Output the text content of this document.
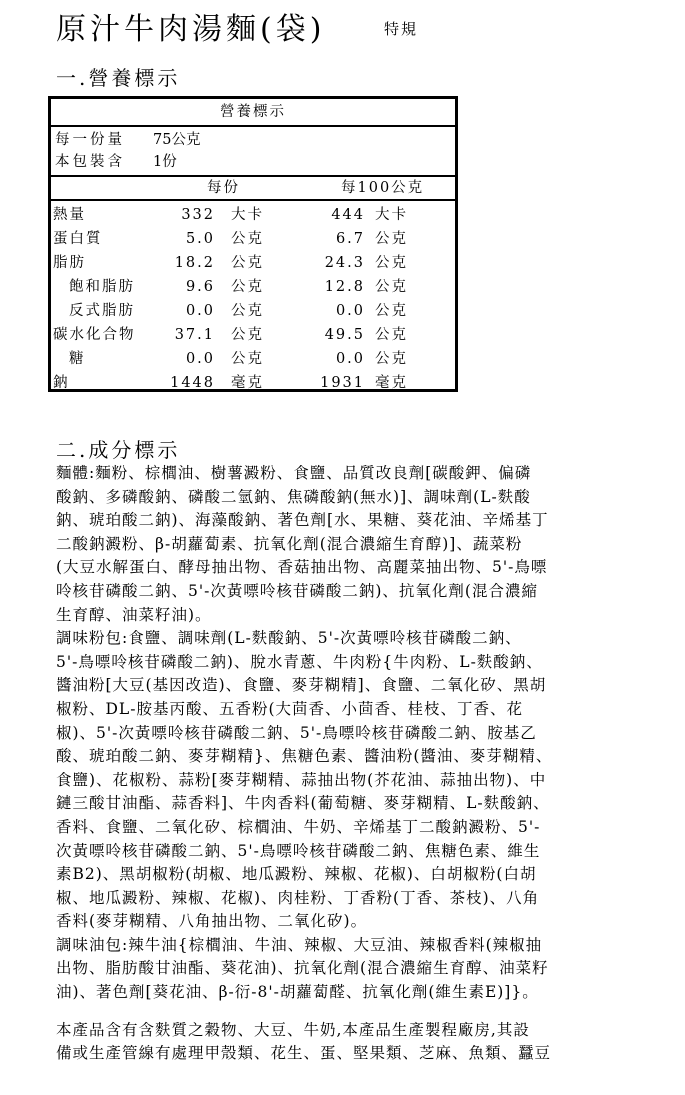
原汁牛肉湯麵(袋)	特規
一.營養標示
營養標示
每一份量 75公克
本包裝含 1份
每份	每100公克
熱量	332 大卡	444 大卡
蛋白質	5.0 公克	6.7 公克
脂肪	18.2 公克	24.3 公克
飽和脂肪	9.6 公克	12.8 公克
反式脂肪	0.0 公克	0.0 公克
碳水化合物	37.1 公克	49.5 公克
糖	0.0 公克	0.0 公克
鈉	1448 毫克	1931 毫克
二.成分標示

麵體:麵粉、棕櫚油、樹薯澱粉、食鹽、品質改良劑[碳酸鉀、偏磷

酸鈉、多磷酸鈉、磷酸二氫鈉、焦磷酸鈉(無水)]、調味劑(L-麩酸

鈉、琥珀酸二鈉)、海藻酸鈉、著色劑[水、果糖、葵花油、辛烯基丁

二酸鈉澱粉、β-胡蘿蔔素、抗氧化劑(混合濃縮生育醇)]、蔬菜粉

(大豆水解蛋白、酵母抽出物、香菇抽出物、高麗菜抽出物、5'-鳥嘌

呤核苷磷酸二鈉、5'-次黃嘌呤核苷磷酸二鈉)、抗氧化劑(混合濃縮

生育醇、油菜籽油)。

調味粉包:食鹽、調味劑(L-麩酸鈉、5'-次黃嘌呤核苷磷酸二鈉、

5'-鳥嘌呤核苷磷酸二鈉)、脫水青蔥、牛肉粉{牛肉粉、L-麩酸鈉、

醬油粉[大豆(基因改造)、食鹽、麥芽糊精]、食鹽、二氧化矽、黑胡

椒粉、DL-胺基丙酸、五香粉(大茴香、小茴香、桂枝、丁香、花

椒)、5'-次黃嘌呤核苷磷酸二鈉、5'-鳥嘌呤核苷磷酸二鈉、胺基乙

酸、琥珀酸二鈉、麥芽糊精}、焦糖色素、醬油粉(醬油、麥芽糊精、

食鹽)、花椒粉、蒜粉[麥芽糊精、蒜抽出物(芥花油、蒜抽出物)、中

鏈三酸甘油酯、蒜香料]、牛肉香料(葡萄糖、麥芽糊精、L-麩酸鈉、

香料、食鹽、二氧化矽、棕櫚油、牛奶、辛烯基丁二酸鈉澱粉、5'-

次黃嘌呤核苷磷酸二鈉、5'-鳥嘌呤核苷磷酸二鈉、焦糖色素、維生

素B2)、黑胡椒粉(胡椒、地瓜澱粉、辣椒、花椒)、白胡椒粉(白胡

椒、地瓜澱粉、辣椒、花椒)、肉桂粉、丁香粉(丁香、茶枝)、八角

香料(麥芽糊精、八角抽出物、二氧化矽)。

調味油包:辣牛油{棕櫚油、牛油、辣椒、大豆油、辣椒香料(辣椒抽

出物、脂肪酸甘油酯、葵花油)、抗氧化劑(混合濃縮生育醇、油菜籽

油)、著色劑[葵花油、β-衍-8'-胡蘿蔔醛、抗氧化劑(維生素E)]}。

本產品含有含麩質之穀物、大豆、牛奶,本產品生產製程廠房,其設

備或生產管線有處理甲殼類、花生、蛋、堅果類、芝麻、魚類、蠶豆
